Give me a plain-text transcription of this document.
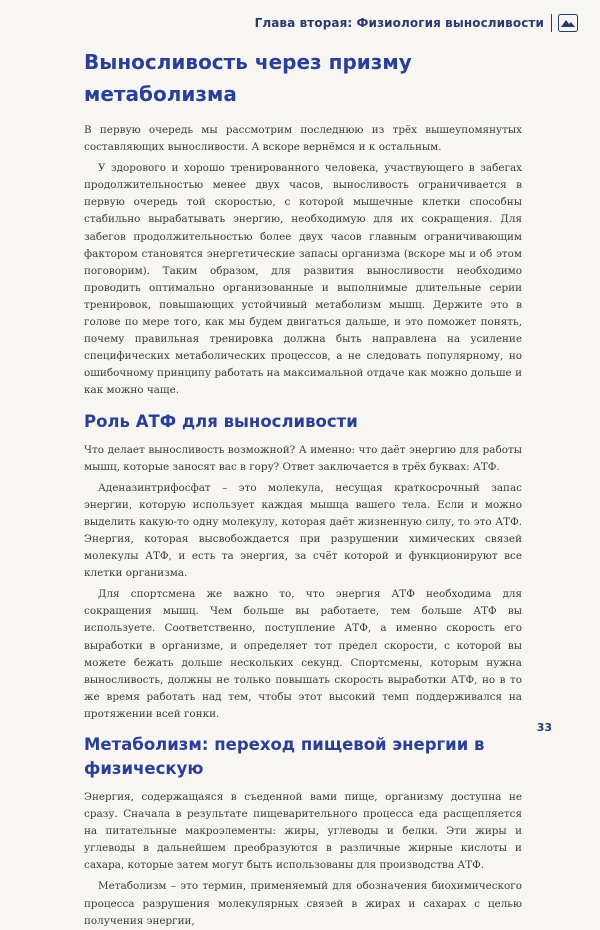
Глава вторая: Физиология выносливости
Выносливость через призму метаболизма

В первую очередь мы рассмотрим последнюю из трёх вышеупомянутых составляющих выносливости. А вскоре вернёмся и к остальным.

У здорового и хорошо тренированного человека, участвующего в забегах продолжительностью менее двух часов, выносливость ограничивается в первую очередь той скоростью, с которой мышечные клетки способны стабильно вырабатывать энергию, необходимую для их сокращения. Для забегов продолжительностью более двух часов главным ограничивающим фактором становятся энергетические запасы организма (вскоре мы и об этом поговорим). Таким образом, для развития выносливости необходимо проводить оптимально организованные и выполнимые длительные серии тренировок, повышающих устойчивый метаболизм мышц. Держите это в голове по мере того, как мы будем двигаться дальше, и это поможет понять, почему правильная тренировка должна быть направлена на усиление специфических метаболических процессов, а не следовать популярному, но ошибочному принципу работать на максимальной отдаче как можно дольше и как можно чаще.

Роль АТФ для выносливости

Что делает выносливость возможной? А именно: что даёт энергию для работы мышц, которые заносят вас в гору? Ответ заключается в трёх буквах: АТФ.

Аденазинтрифосфат – это молекула, несущая краткосрочный запас энергии, которую использует каждая мышца вашего тела. Если и можно выделить какую-то одну молекулу, которая даёт жизненную силу, то это АТФ. Энергия, которая высвобождается при разрушении химических связей молекулы АТФ, и есть та энергия, за счёт которой и функционируют все клетки организма.

Для спортсмена же важно то, что энергия АТФ необходима для сокращения мышц. Чем больше вы работаете, тем больше АТФ вы используете. Соответственно, поступление АТФ, а именно скорость его выработки в организме, и определяет тот предел скорости, с которой вы можете бежать дольше нескольких секунд. Спортсмены, которым нужна выносливость, должны не только повышать скорость выработки АТФ, но в то же время работать над тем, чтобы этот высокий темп поддерживался на протяжении всей гонки.

Метаболизм: переход пищевой энергии в физическую

Энергия, содержащаяся в съеденной вами пище, организму доступна не сразу. Сначала в результате пищеварительного процесса еда расщепляется на питательные макроэлементы: жиры, углеводы и белки. Эти жиры и углеводы в дальнейшем преобразуются в различные жирные кислоты и сахара, которые затем могут быть использованы для производства АТФ.

Метаболизм – это термин, применяемый для обозначения биохимического процесса разрушения молекулярных связей в жирах и сахарах с целью получения энергии,

33
